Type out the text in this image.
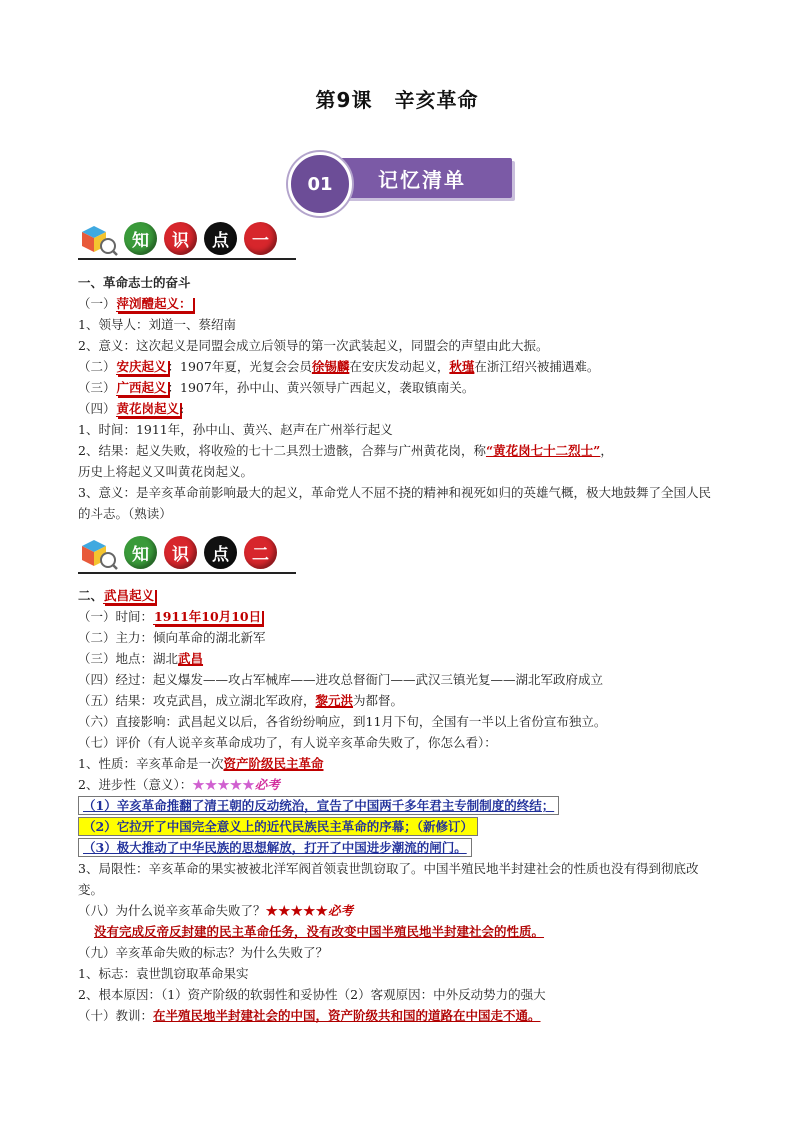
第9课 辛亥革命
记忆清单
01
知	识	点	一
一、革命志士的奋斗
（一）萍浏醴起义：
1、领导人：刘道一、蔡绍南
2、意义：这次起义是同盟会成立后领导的第一次武装起义，同盟会的声望由此大振。
（二）安庆起义：1907年夏，光复会会员徐锡麟在安庆发动起义，秋瑾在浙江绍兴被捕遇难。
（三）广西起义：1907年，孙中山、黄兴领导广西起义，袭取镇南关。
（四）黄花岗起义:
1、时间：1911年，孙中山、黄兴、赵声在广州举行起义
2、结果：起义失败，将收殓的七十二具烈士遗骸，合葬与广州黄花岗，称“黄花岗七十二烈士”，
历史上将起义又叫黄花岗起义。
3、意义：是辛亥革命前影响最大的起义，革命党人不屈不挠的精神和视死如归的英雄气概，极大地鼓舞了全国人民的斗志。（熟读）
知	识	点	二
二、武昌起义
（一）时间：1911年10月10日
（二）主力：倾向革命的湖北新军
（三）地点：湖北武昌
（四）经过：起义爆发——攻占军械库——进攻总督衙门——武汉三镇光复——湖北军政府成立
（五）结果：攻克武昌，成立湖北军政府，黎元洪为都督。
（六）直接影响：武昌起义以后，各省纷纷响应，到11月下旬，全国有一半以上省份宣布独立。
（七）评价（有人说辛亥革命成功了，有人说辛亥革命失败了，你怎么看）：
1、性质：辛亥革命是一次资产阶级民主革命
2、进步性（意义）：★★★★★必考
（1）辛亥革命推翻了清王朝的反动统治，宣告了中国两千多年君主专制制度的终结；
（2）它拉开了中国完全意义上的近代民族民主革命的序幕；（新修订）
（3）极大推动了中华民族的思想解放，打开了中国进步潮流的闸门。
3、局限性：辛亥革命的果实被被北洋军阀首领袁世凯窃取了。中国半殖民地半封建社会的性质也没有得到彻底改变。
（八）为什么说辛亥革命失败了？★★★★★必考
没有完成反帝反封建的民主革命任务，没有改变中国半殖民地半封建社会的性质。
（九）辛亥革命失败的标志？为什么失败了？
1、标志：袁世凯窃取革命果实
2、根本原因：（1）资产阶级的软弱性和妥协性（2）客观原因：中外反动势力的强大
（十）教训：在半殖民地半封建社会的中国，资产阶级共和国的道路在中国走不通。
